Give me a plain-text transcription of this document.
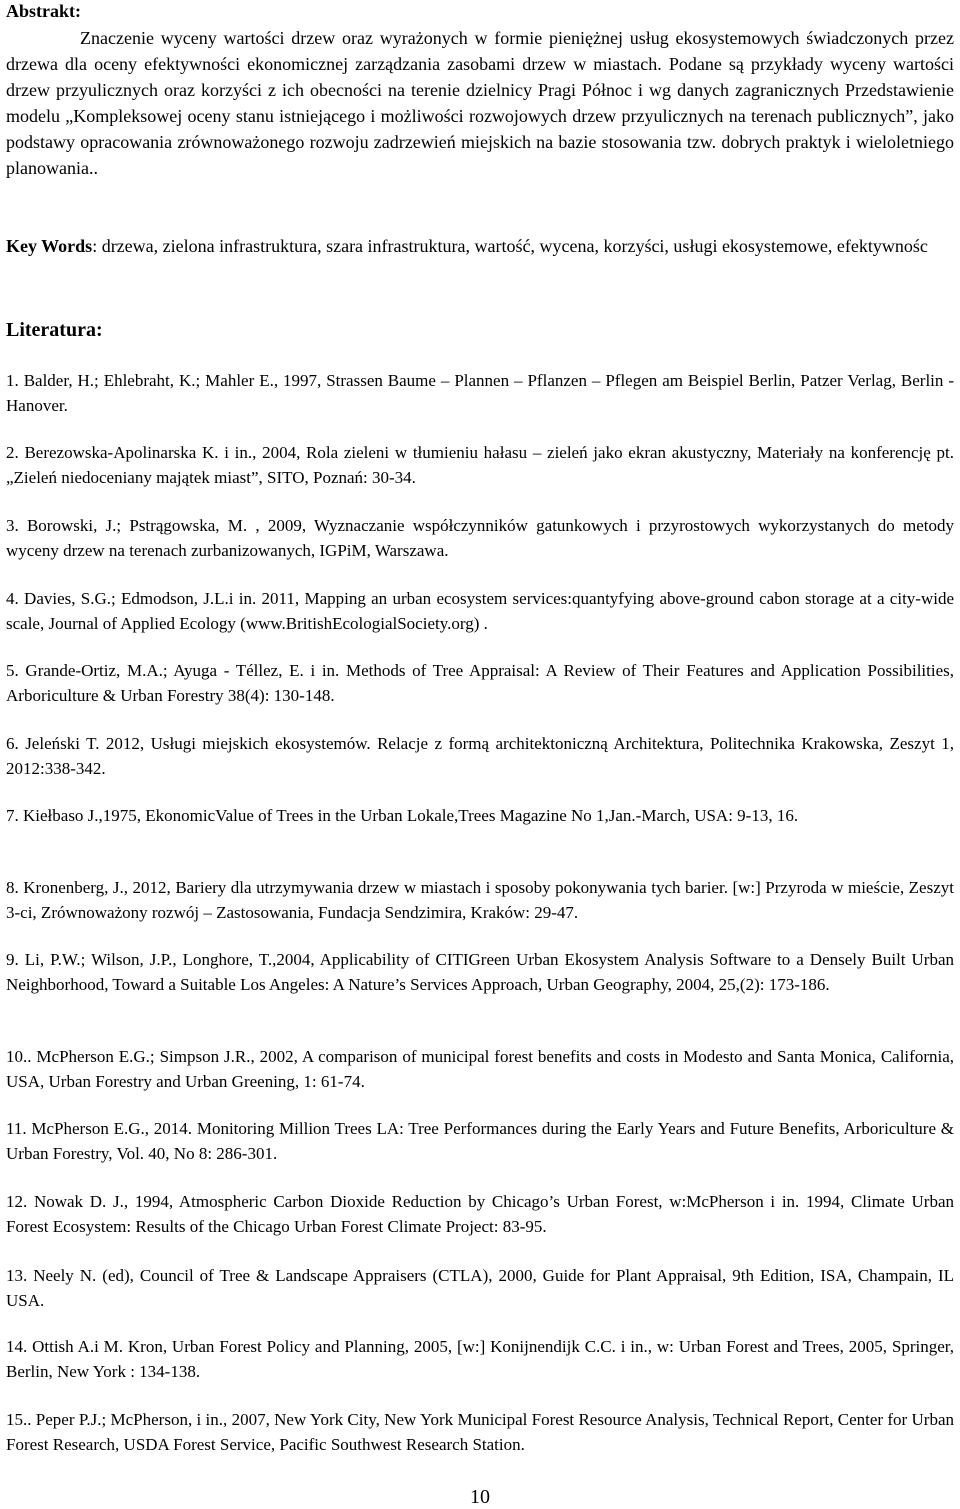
Abstrakt:
Znaczenie wyceny wartości drzew oraz wyrażonych w formie pieniężnej usług ekosystemowych świadczonych przez drzewa dla oceny efektywności ekonomicznej zarządzania zasobami drzew w miastach. Podane są przykłady wyceny wartości drzew przyulicznych oraz korzyści z ich obecności na terenie dzielnicy Pragi Północ i wg danych zagranicznych Przedstawienie modelu „Kompleksowej oceny stanu istniejącego i możliwości rozwojowych drzew przyulicznych na terenach publicznych”, jako podstawy opracowania zrównoważonego rozwoju zadrzewień miejskich na bazie stosowania tzw. dobrych praktyk i wieloletniego planowania..
Key Words: drzewa, zielona infrastruktura, szara infrastruktura, wartość, wycena, korzyści, usługi ekosystemowe, efektywnośc
Literatura:
1. Balder, H.; Ehlebraht, K.; Mahler E., 1997, Strassen Baume – Plannen – Pflanzen – Pflegen am Beispiel Berlin, Patzer Verlag, Berlin - Hanover.
2. Berezowska-Apolinarska K. i in., 2004, Rola zieleni w tłumieniu hałasu – zieleń jako ekran akustyczny, Materiały na konferencję pt. „Zieleń niedoceniany majątek miast”, SITO, Poznań: 30-34.
3. Borowski, J.; Pstrągowska, M. , 2009, Wyznaczanie współczynników gatunkowych i przyrostowych wykorzystanych do metody wyceny drzew na terenach zurbanizowanych, IGPiM, Warszawa.
4. Davies, S.G.; Edmodson, J.L.i in. 2011, Mapping an urban ecosystem services:quantyfying above-ground cabon storage at a city-wide scale, Journal of Applied Ecology (www.BritishEcologialSociety.org) .
5. Grande-Ortiz, M.A.; Ayuga - Téllez, E. i in. Methods of Tree Appraisal: A Review of Their Features and Application Possibilities, Arboriculture & Urban Forestry 38(4): 130-148.
6. Jeleński T. 2012, Usługi miejskich ekosystemów. Relacje z formą architektoniczną Architektura, Politechnika Krakowska, Zeszyt 1, 2012:338-342.
7. Kiełbaso J.,1975, EkonomicValue of Trees in the Urban Lokale,Trees Magazine No 1,Jan.-March, USA: 9-13, 16.
8. Kronenberg, J., 2012, Bariery dla utrzymywania drzew w miastach i sposoby pokonywania tych barier. [w:] Przyroda w mieście, Zeszyt 3-ci, Zrównoważony rozwój – Zastosowania, Fundacja Sendzimira, Kraków: 29-47.
9. Li, P.W.; Wilson, J.P., Longhore, T.,2004, Applicability of CITIGreen Urban Ekosystem Analysis Software to a Densely Built Urban Neighborhood, Toward a Suitable Los Angeles: A Nature’s Services Approach, Urban Geography, 2004, 25,(2): 173-186.
10.. McPherson E.G.; Simpson J.R., 2002, A comparison of municipal forest benefits and costs in Modesto and Santa Monica, California, USA, Urban Forestry and Urban Greening, 1: 61-74.
11. McPherson E.G., 2014. Monitoring Million Trees LA: Tree Performances during the Early Years and Future Benefits, Arboriculture & Urban Forestry, Vol. 40, No 8: 286-301.
12. Nowak D. J., 1994, Atmospheric Carbon Dioxide Reduction by Chicago’s Urban Forest, w:McPherson i in. 1994, Climate Urban Forest Ecosystem: Results of the Chicago Urban Forest Climate Project: 83-95.
13. Neely N. (ed), Council of Tree & Landscape Appraisers (CTLA), 2000, Guide for Plant Appraisal, 9th Edition, ISA, Champain, IL USA.
14. Ottish A.i M. Kron, Urban Forest Policy and Planning, 2005, [w:] Konijnendijk C.C. i in., w: Urban Forest and Trees, 2005, Springer, Berlin, New York : 134-138.
15.. Peper P.J.; McPherson, i in., 2007, New York City, New York Municipal Forest Resource Analysis, Technical Report, Center for Urban Forest Research, USDA Forest Service, Pacific Southwest Research Station.
10
